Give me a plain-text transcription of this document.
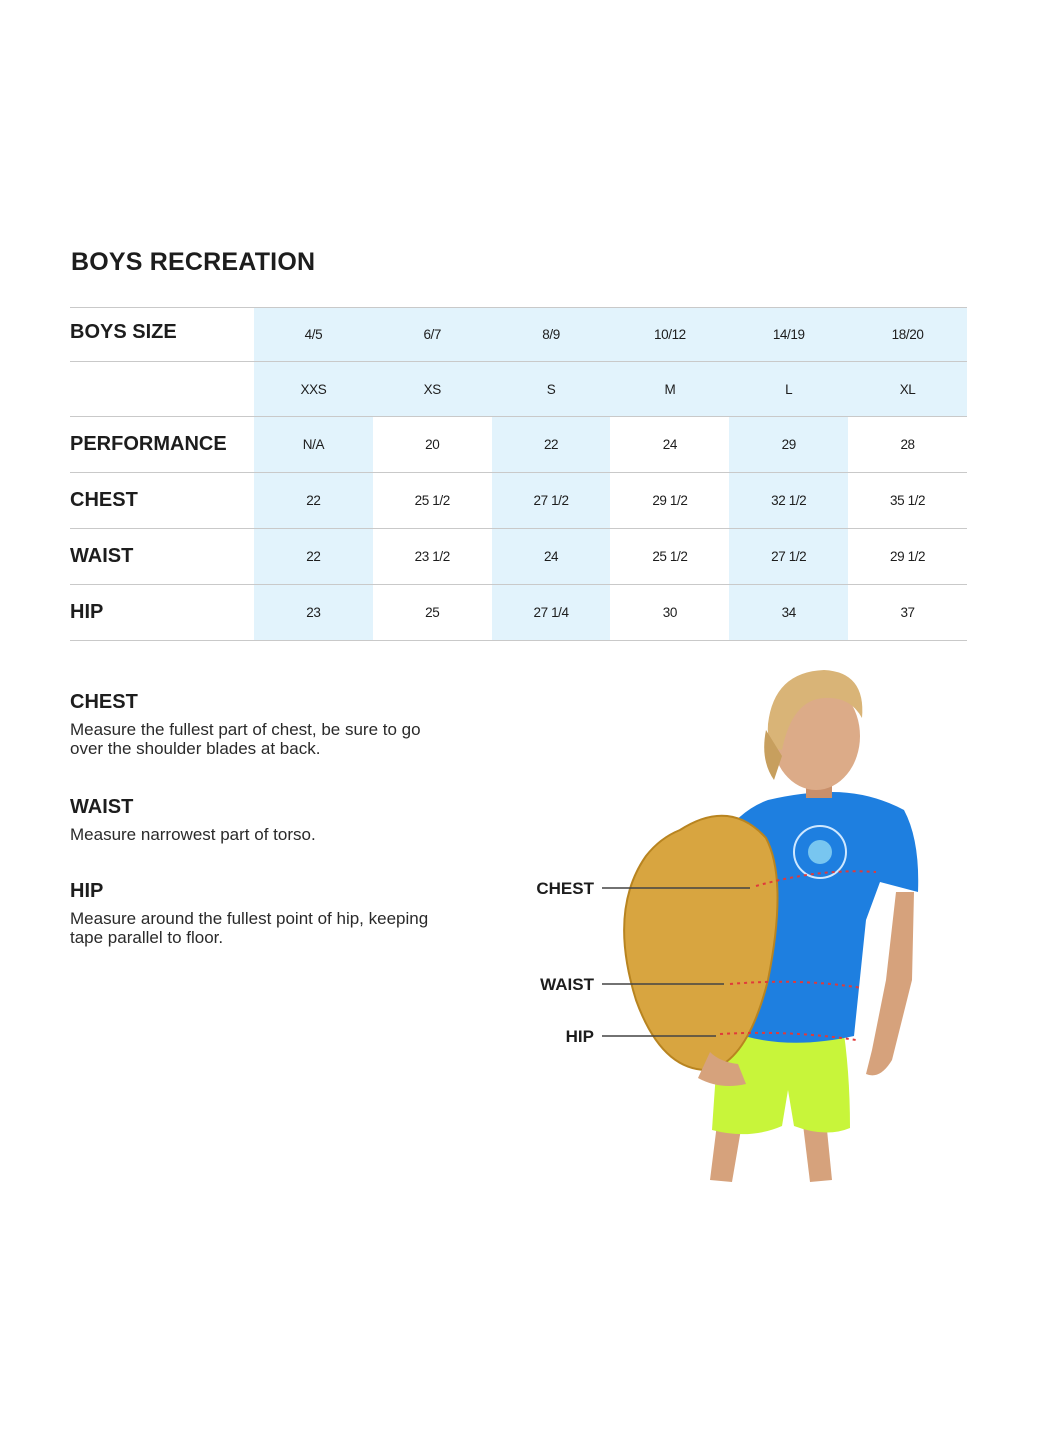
BOYS RECREATION
BOYS SIZE	4/5	6/7	8/9	10/12	14/19	18/20
	XXS	XS	S	M	L	XL
PERFORMANCE	N/A	20	22	24	29	28
CHEST	22	25 1/2	27 1/2	29 1/2	32 1/2	35 1/2
WAIST	22	23 1/2	24	25 1/2	27 1/2	29 1/2
HIP	23	25	27 1/4	30	34	37
CHEST

Measure the fullest part of chest, be sure to go over the shoulder blades at back.

WAIST

Measure narrowest part of torso.

HIP

Measure around the fullest point of hip, keeping tape parallel to floor.

CHEST
WAIST
HIP
